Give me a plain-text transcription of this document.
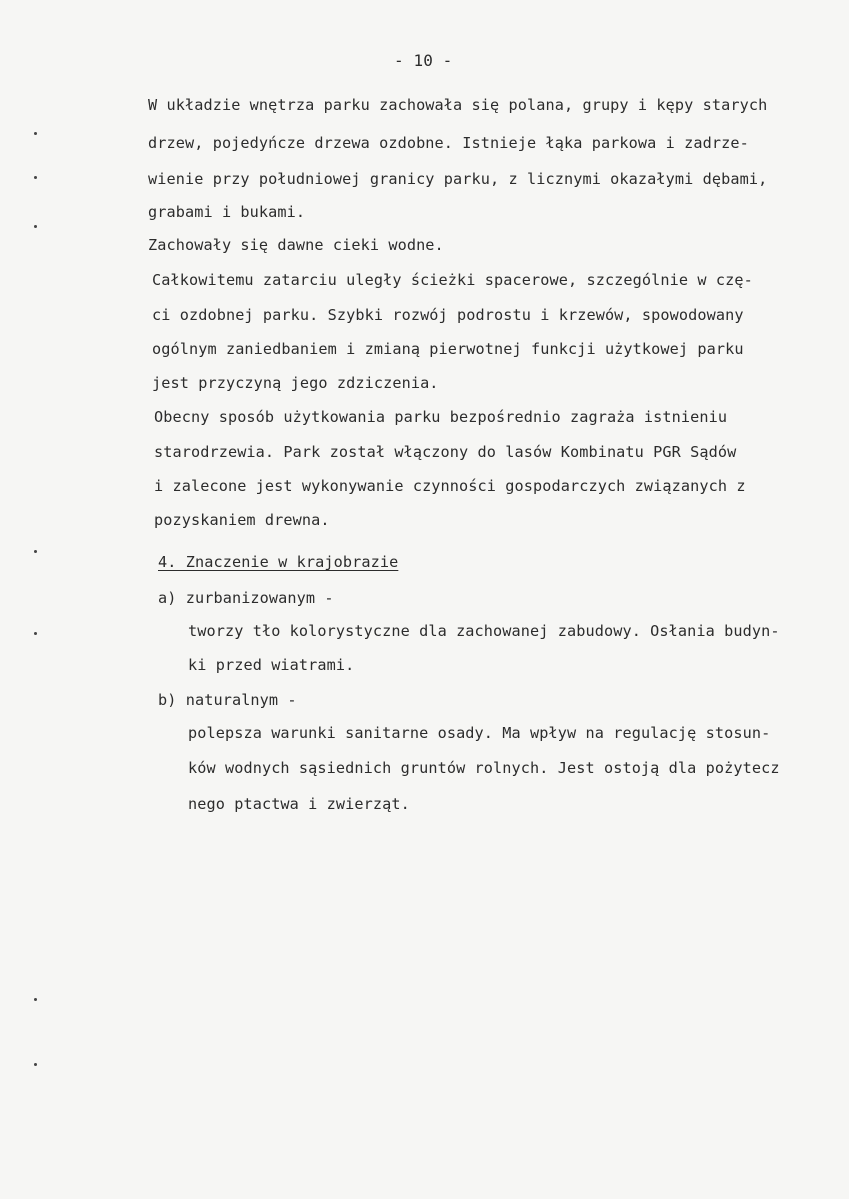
- 10 -
W układzie wnętrza parku zachowała się polana, grupy i kępy starych
drzew, pojedyńcze drzewa ozdobne. Istnieje łąka parkowa i zadrze-
wienie przy południowej granicy parku, z licznymi okazałymi dębami,
grabami i bukami.
Zachowały się dawne cieki wodne.
Całkowitemu zatarciu uległy ścieżki spacerowe, szczególnie w czę-
ci ozdobnej parku. Szybki rozwój podrostu i krzewów, spowodowany
ogólnym zaniedbaniem i zmianą pierwotnej funkcji użytkowej parku
jest przyczyną jego zdziczenia.
Obecny sposób użytkowania parku bezpośrednio zagraża istnieniu
starodrzewia. Park został włączony do lasów Kombinatu PGR Sądów
i zalecone jest wykonywanie czynności gospodarczych związanych z
pozyskaniem drewna.
4. Znaczenie w krajobrazie
a) zurbanizowanym -
tworzy tło kolorystyczne dla zachowanej zabudowy. Osłania budyn-
ki przed wiatrami.
b) naturalnym -
polepsza warunki sanitarne osady. Ma wpływ na regulację stosun-
ków wodnych sąsiednich gruntów rolnych. Jest ostoją dla pożytecz
nego ptactwa i zwierząt.
